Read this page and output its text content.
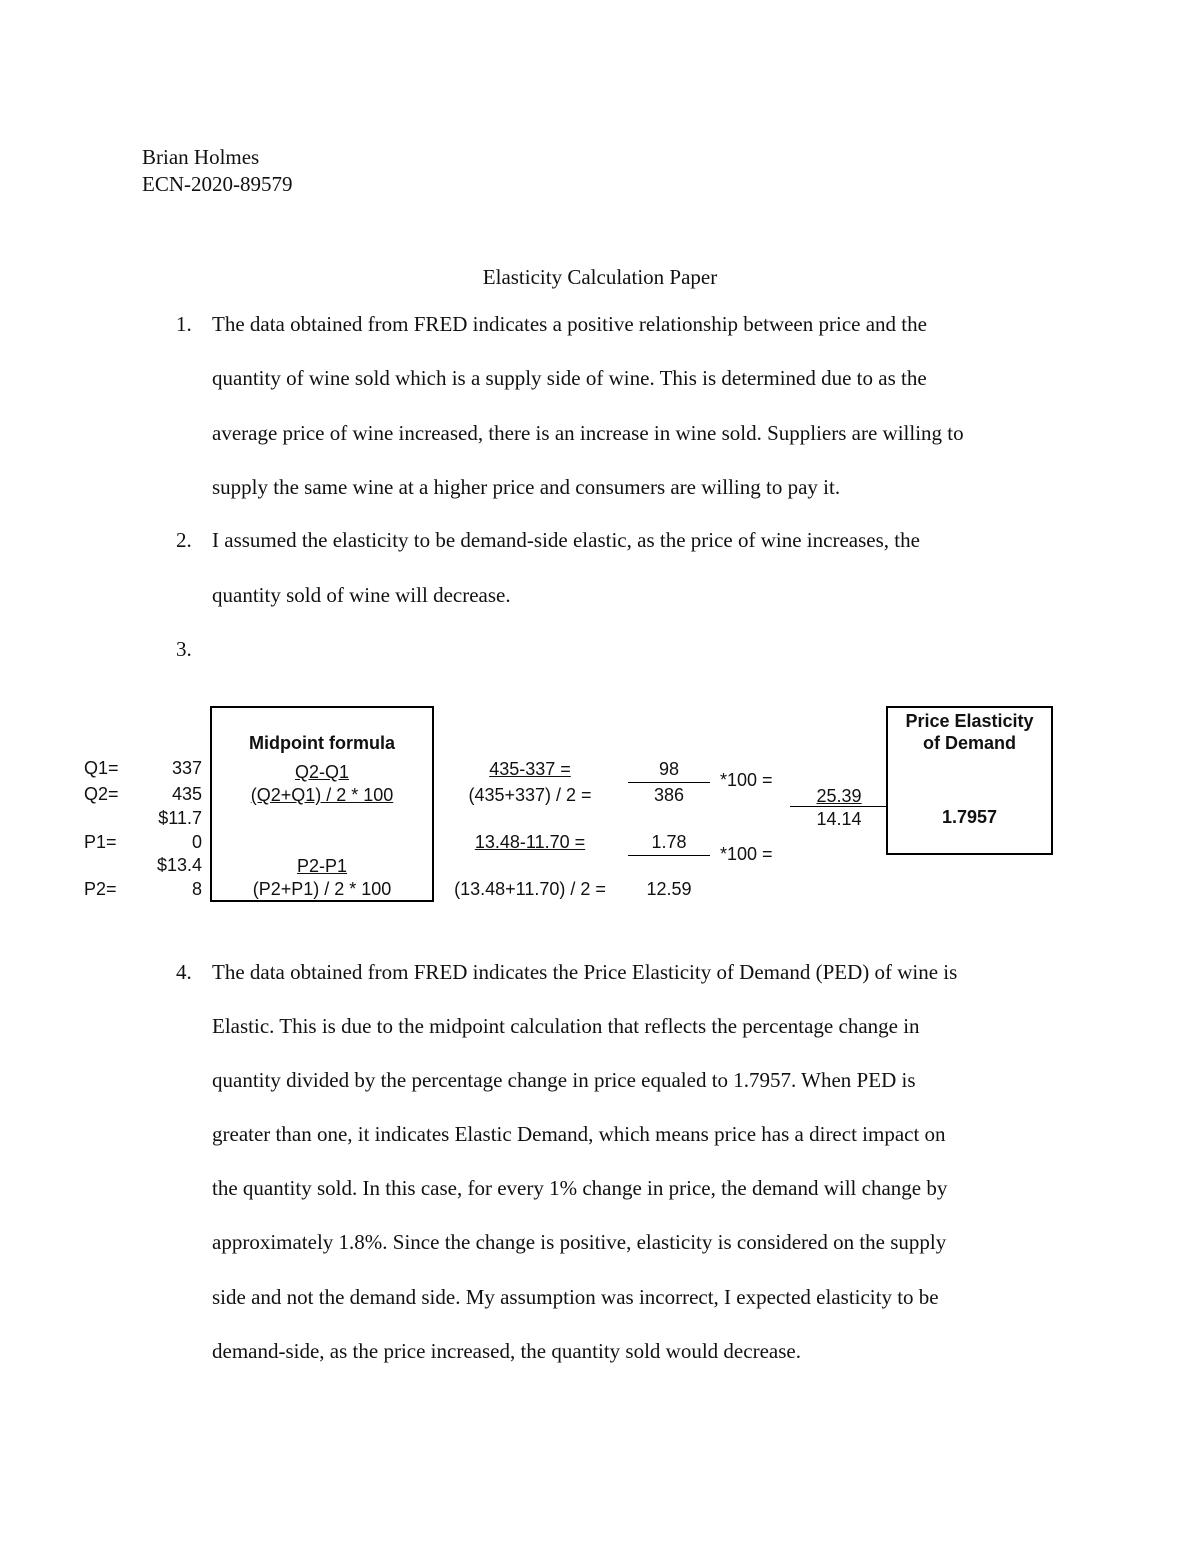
Brian Holmes
ECN-2020-89579
Elasticity Calculation Paper
1. The data obtained from FRED indicates a positive relationship between price and the
quantity of wine sold which is a supply side of wine. This is determined due to as the
average price of wine increased, there is an increase in wine sold. Suppliers are willing to
supply the same wine at a higher price and consumers are willing to pay it.
2. I assumed the elasticity to be demand-side elastic, as the price of wine increases, the
quantity sold of wine will decrease.
3.
Q1=
Q2=
P1=
P2=
337
435
$11.7
0
$13.4
8
Midpoint formula
Q2-Q1
(Q2+Q1) / 2 * 100
P2-P1
(P2+P1) / 2 * 100
435-337 =
(435+337) / 2 =
98
386
*100 =
13.48-11.70 =
(13.48+11.70) / 2 =
1.78
12.59
*100 =
25.39
14.14
Price Elasticity
of Demand
1.7957
4. The data obtained from FRED indicates the Price Elasticity of Demand (PED) of wine is
Elastic. This is due to the midpoint calculation that reflects the percentage change in
quantity divided by the percentage change in price equaled to 1.7957. When PED is
greater than one, it indicates Elastic Demand, which means price has a direct impact on
the quantity sold. In this case, for every 1% change in price, the demand will change by
approximately 1.8%. Since the change is positive, elasticity is considered on the supply
side and not the demand side. My assumption was incorrect, I expected elasticity to be
demand-side, as the price increased, the quantity sold would decrease.
